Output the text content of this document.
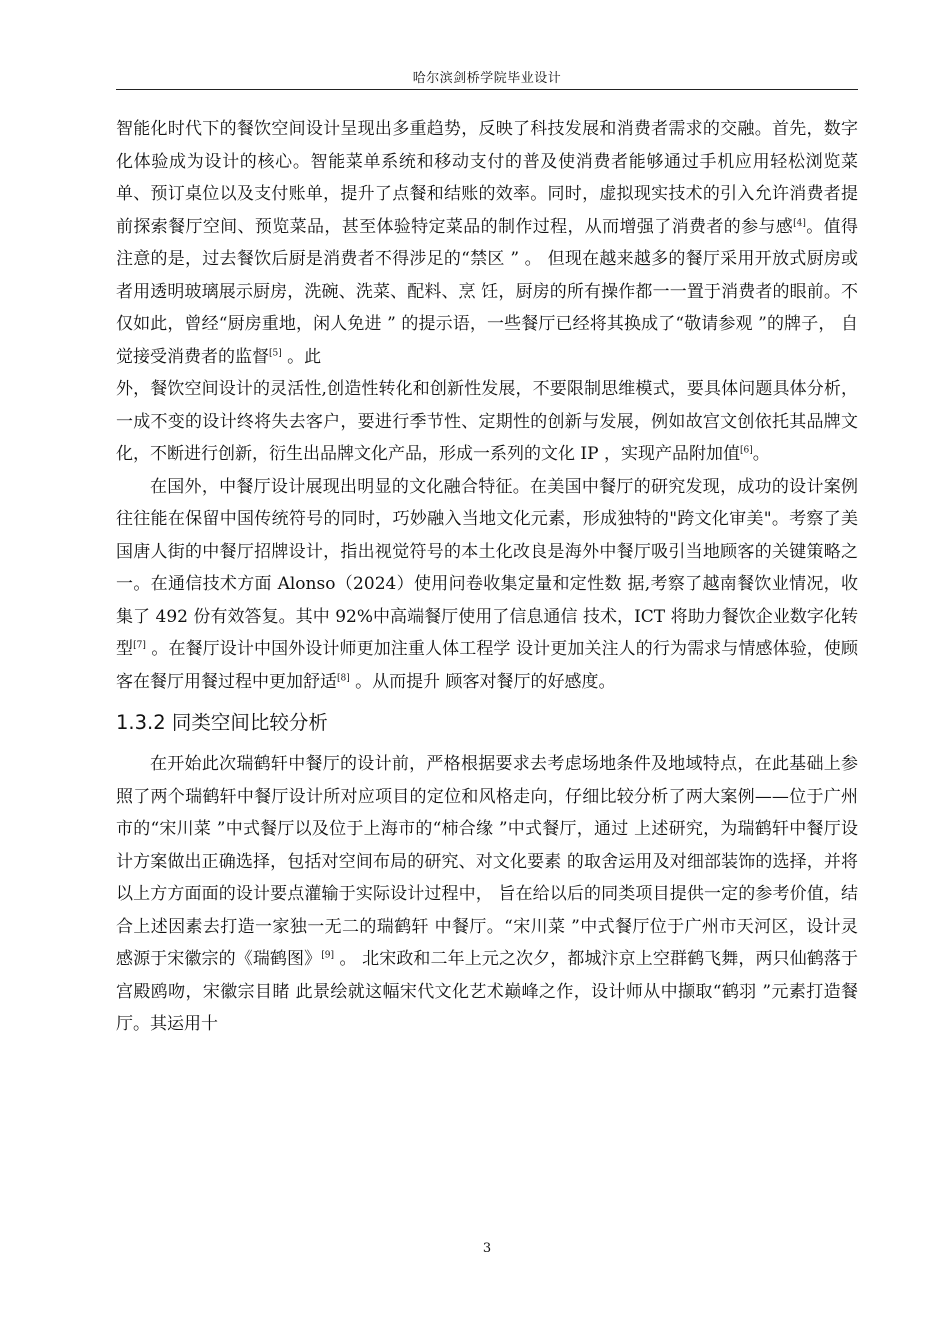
哈尔滨剑桥学院毕业设计

智能化时代下的餐饮空间设计呈现出多重趋势，反映了科技发展和消费者需求的交融。首先，数字化体验成为设计的核心。智能菜单系统和移动支付的普及使消费者能够通过手机应用轻松浏览菜单、预订桌位以及支付账单，提升了点餐和结账的效率。同时，虚拟现实技术的引入允许消费者提前探索餐厅空间、预览菜品，甚至体验特定菜品的制作过程，从而增强了消费者的参与感[4]。值得注意的是，过去餐饮后厨是消费者不得涉足的“禁区 ” 。 但现在越来越多的餐厅采用开放式厨房或者用透明玻璃展示厨房，洗碗、洗菜、配料、烹 饪，厨房的所有操作都一一置于消费者的眼前。不仅如此，曾经“厨房重地，闲人免进 ” 的提示语，一些餐厅已经将其换成了“敬请参观 ”的牌子， 自觉接受消费者的监督[5] 。此

外，餐饮空间设计的灵活性,创造性转化和创新性发展，不要限制思维模式，要具体问题具体分析，一成不变的设计终将失去客户，要进行季节性、定期性的创新与发展，例如故宫文创依托其品牌文化，不断进行创新，衍生出品牌文化产品，形成一系列的文化 IP ，实现产品附加值[6]。

在国外，中餐厅设计展现出明显的文化融合特征。在美国中餐厅的研究发现，成功的设计案例往往能在保留中国传统符号的同时，巧妙融入当地文化元素，形成独特的"跨文化审美"。考察了美国唐人街的中餐厅招牌设计，指出视觉符号的本土化改良是海外中餐厅吸引当地顾客的关键策略之一。在通信技术方面 Alonso（2024）使用问卷收集定量和定性数 据,考察了越南餐饮业情况，收集了 492 份有效答复。其中 92%中高端餐厅使用了信息通信 技术，ICT 将助力餐饮企业数字化转型[7] 。在餐厅设计中国外设计师更加注重人体工程学 设计更加关注人的行为需求与情感体验，使顾客在餐厅用餐过程中更加舒适[8] 。从而提升 顾客对餐厅的好感度。

1.3.2 同类空间比较分析

在开始此次瑞鹤轩中餐厅的设计前，严格根据要求去考虑场地条件及地域特点，在此基础上参照了两个瑞鹤轩中餐厅设计所对应项目的定位和风格走向，仔细比较分析了两大案例——位于广州市的“宋川菜 ”中式餐厅以及位于上海市的“柿合缘 ”中式餐厅，通过 上述研究，为瑞鹤轩中餐厅设计方案做出正确选择，包括对空间布局的研究、对文化要素 的取舍运用及对细部装饰的选择，并将以上方方面面的设计要点灌输于实际设计过程中， 旨在给以后的同类项目提供一定的参考价值，结合上述因素去打造一家独一无二的瑞鹤轩 中餐厅。“宋川菜 ”中式餐厅位于广州市天河区，设计灵感源于宋徽宗的《瑞鹤图》[9] 。 北宋政和二年上元之次夕，都城汴京上空群鹤飞舞，两只仙鹤落于宫殿鸥吻，宋徽宗目睹 此景绘就这幅宋代文化艺术巅峰之作，设计师从中撷取“鹤羽 ”元素打造餐厅。其运用十

3
